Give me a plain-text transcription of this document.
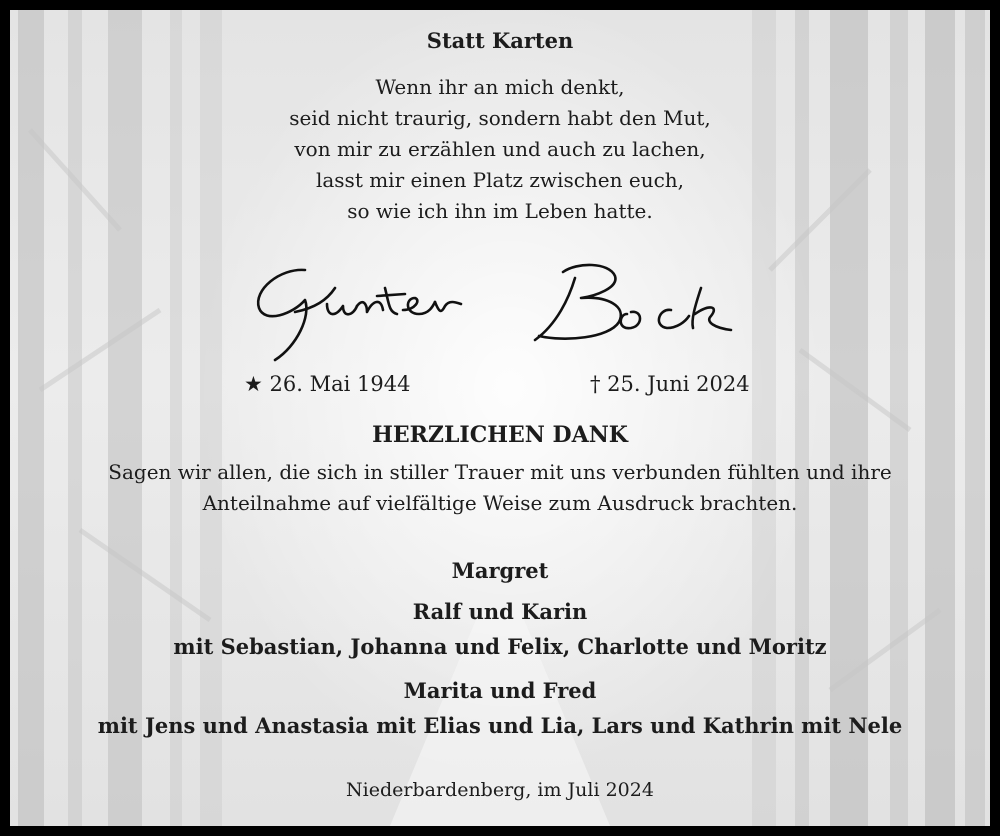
Statt Karten
Wenn ihr an mich denkt,
seid nicht traurig, sondern habt den Mut,
von mir zu erzählen und auch zu lachen,
lasst mir einen Platz zwischen euch,
so wie ich ihn im Leben hatte.
★ 26. Mai 1944	† 25. Juni 2024
HERZLICHEN DANK
Sagen wir allen, die sich in stiller Trauer mit uns verbunden fühlten und ihre
Anteilnahme auf vielfältige Weise zum Ausdruck brachten.
Margret
Ralf und Karin
mit Sebastian, Johanna und Felix, Charlotte und Moritz
Marita und Fred
mit Jens und Anastasia mit Elias und Lia, Lars und Kathrin mit Nele
Niederbardenberg, im Juli 2024
